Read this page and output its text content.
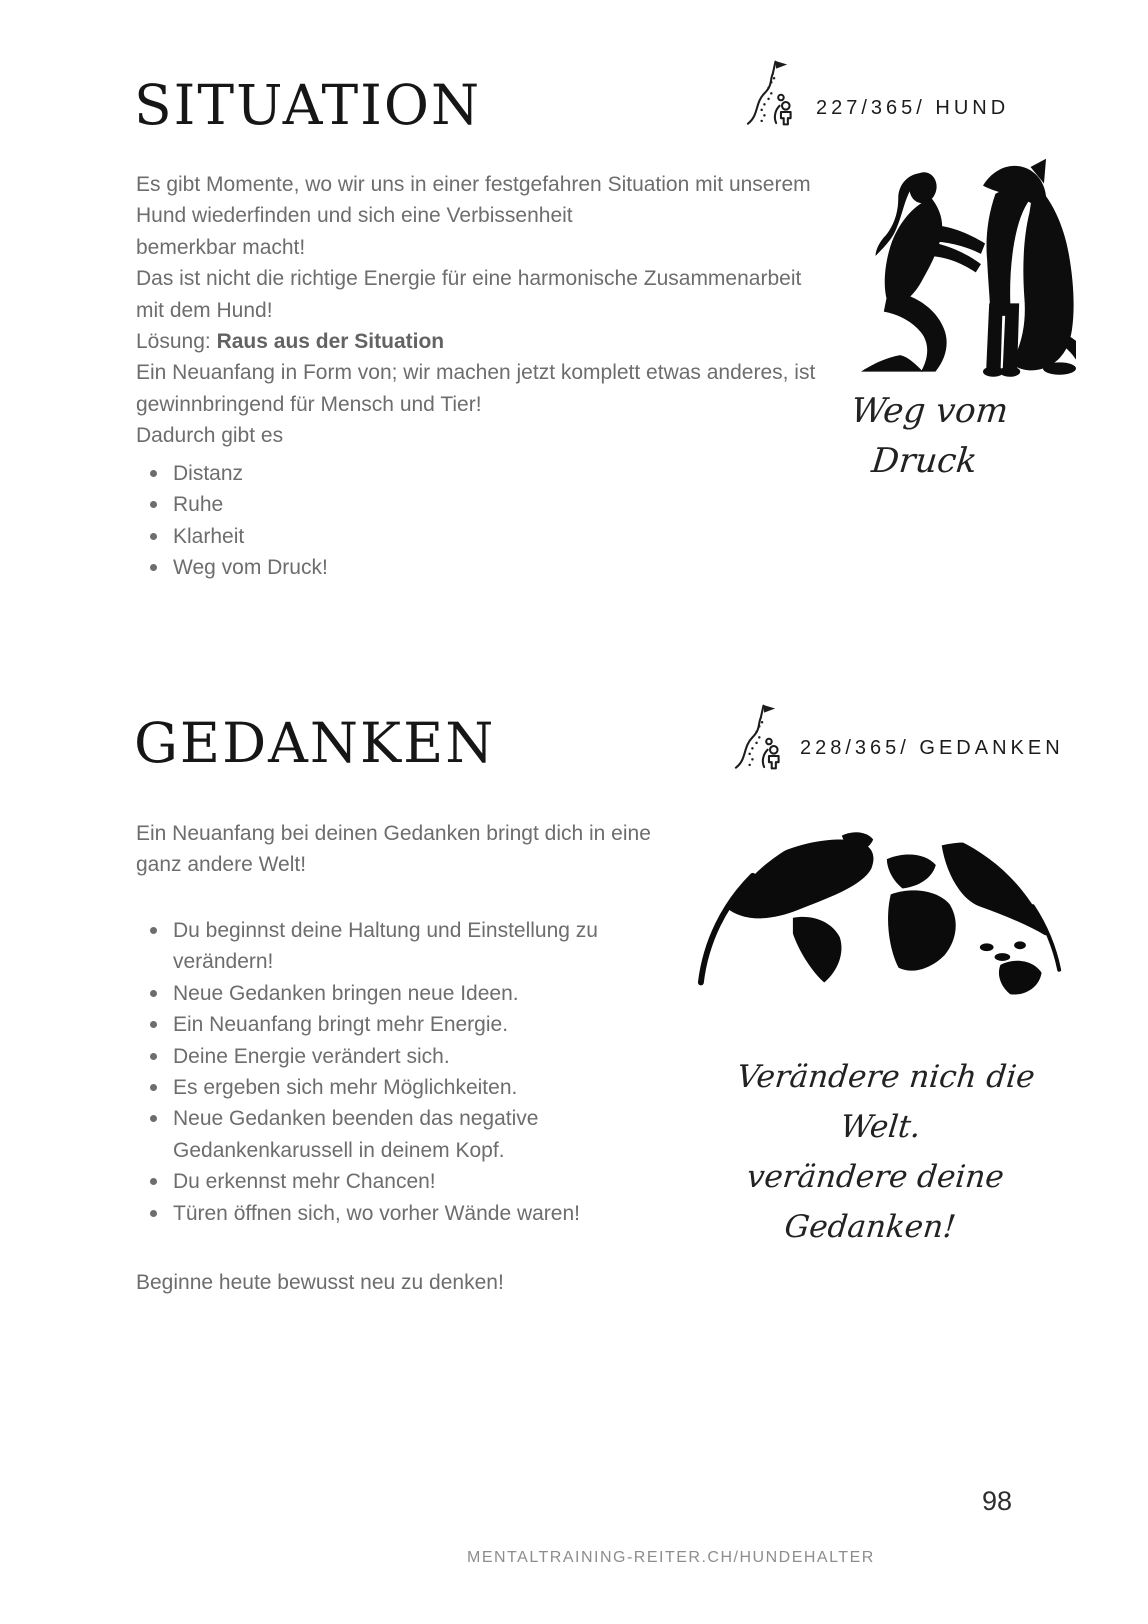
SITUATION	227/365/ HUND
Es gibt Momente, wo wir uns in einer festgefahren Situation mit unserem
Hund wiederfinden und sich eine Verbissenheit
bemerkbar macht!
Das ist nicht die richtige Energie für eine harmonische Zusammenarbeit
mit dem Hund!
Lösung: Raus aus der Situation
Ein Neuanfang in Form von; wir machen jetzt komplett etwas anderes, ist
gewinnbringend für Mensch und Tier!
Dadurch gibt es
Distanz
Ruhe
Klarheit
Weg vom Druck!
Weg vom Druck
GEDANKEN	228/365/ GEDANKEN
Ein Neuanfang bei deinen Gedanken bringt dich in eine
ganz andere Welt!
Du beginnst deine Haltung und Einstellung zu verändern!
Neue Gedanken bringen neue Ideen.
Ein Neuanfang bringt mehr Energie.
Deine Energie verändert sich.
Es ergeben sich mehr Möglichkeiten.
Neue Gedanken beenden das negative Gedankenkarussell in deinem Kopf.
Du erkennst mehr Chancen!
Türen öffnen sich, wo vorher Wände waren!
Beginne heute bewusst neu zu denken!
Verändere nich die Welt.
verändere deine Gedanken!
MENTALTRAINING-REITER.CH/HUNDEHALTER
98
